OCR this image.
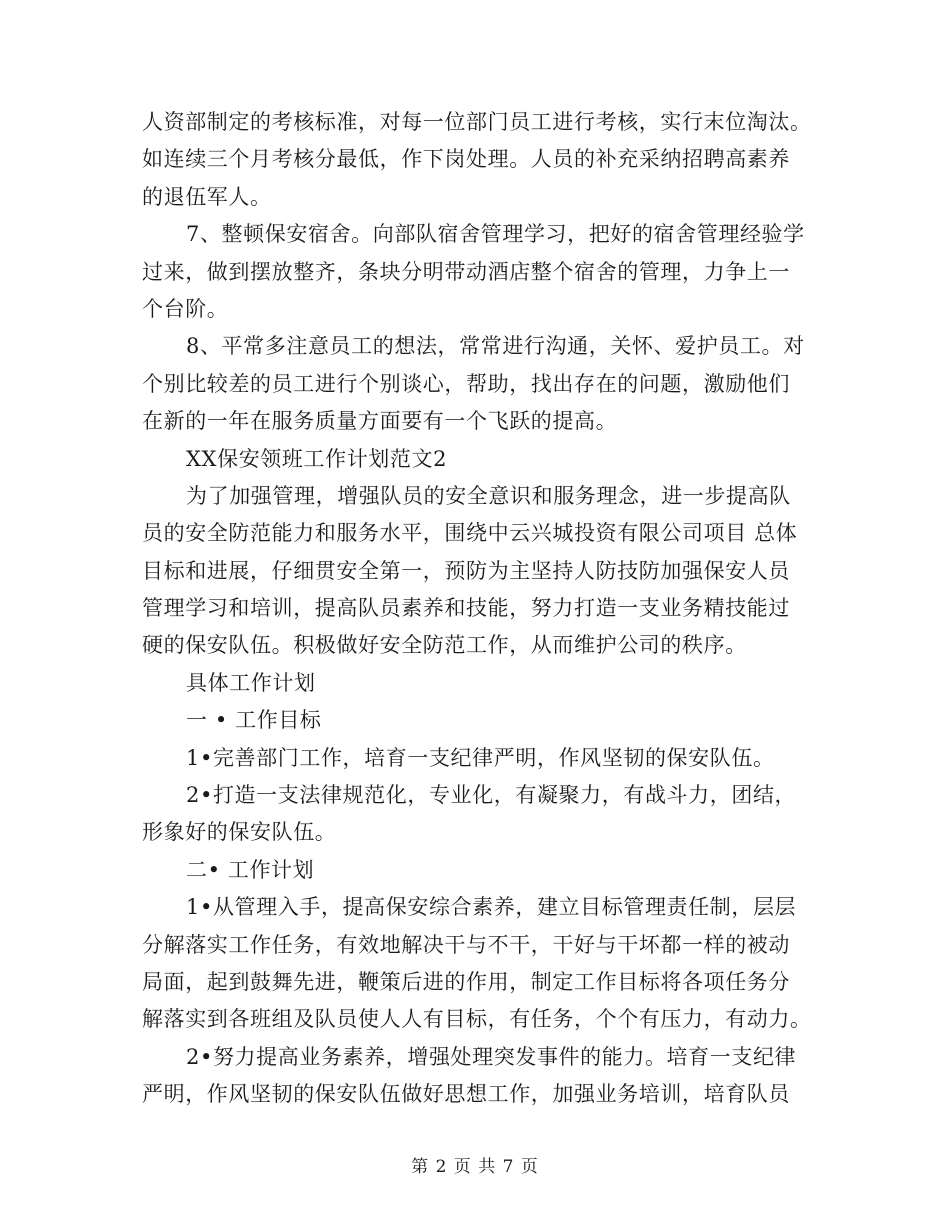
人资部制定的考核标准，对每一位部门员工进行考核，实行末位淘汰。
如连续三个月考核分最低，作下岗处理。人员的补充采纳招聘高素养
的退伍军人。
7、整顿保安宿舍。向部队宿舍管理学习，把好的宿舍管理经验学
过来，做到摆放整齐，条块分明带动酒店整个宿舍的管理，力争上一
个台阶。
8、平常多注意员工的想法，常常进行沟通，关怀、爱护员工。对
个别比较差的员工进行个别谈心，帮助，找出存在的问题，激励他们
在新的一年在服务质量方面要有一个飞跃的提高。
XX保安领班工作计划范文2
为了加强管理，增强队员的安全意识和服务理念，进一步提高队
员的安全防范能力和服务水平，围绕中云兴城投资有限公司项目 总体
目标和进展，仔细贯安全第一，预防为主坚持人防技防加强保安人员
管理学习和培训，提高队员素养和技能，努力打造一支业务精技能过
硬的保安队伍。积极做好安全防范工作，从而维护公司的秩序。
具体工作计划
一 • 工作目标
1•完善部门工作，培育一支纪律严明，作风坚韧的保安队伍。
2•打造一支法律规范化，专业化，有凝聚力，有战斗力，团结，
形象好的保安队伍。
二• 工作计划
1•从管理入手，提高保安综合素养，建立目标管理责任制，层层
分解落实工作任务，有效地解决干与不干，干好与干坏都一样的被动
局面，起到鼓舞先进，鞭策后进的作用，制定工作目标将各项任务分
解落实到各班组及队员使人人有目标，有任务，个个有压力，有动力。
2•努力提高业务素养，增强处理突发事件的能力。培育一支纪律
严明，作风坚韧的保安队伍做好思想工作，加强业务培训，培育队员
第 2 页 共 7 页
